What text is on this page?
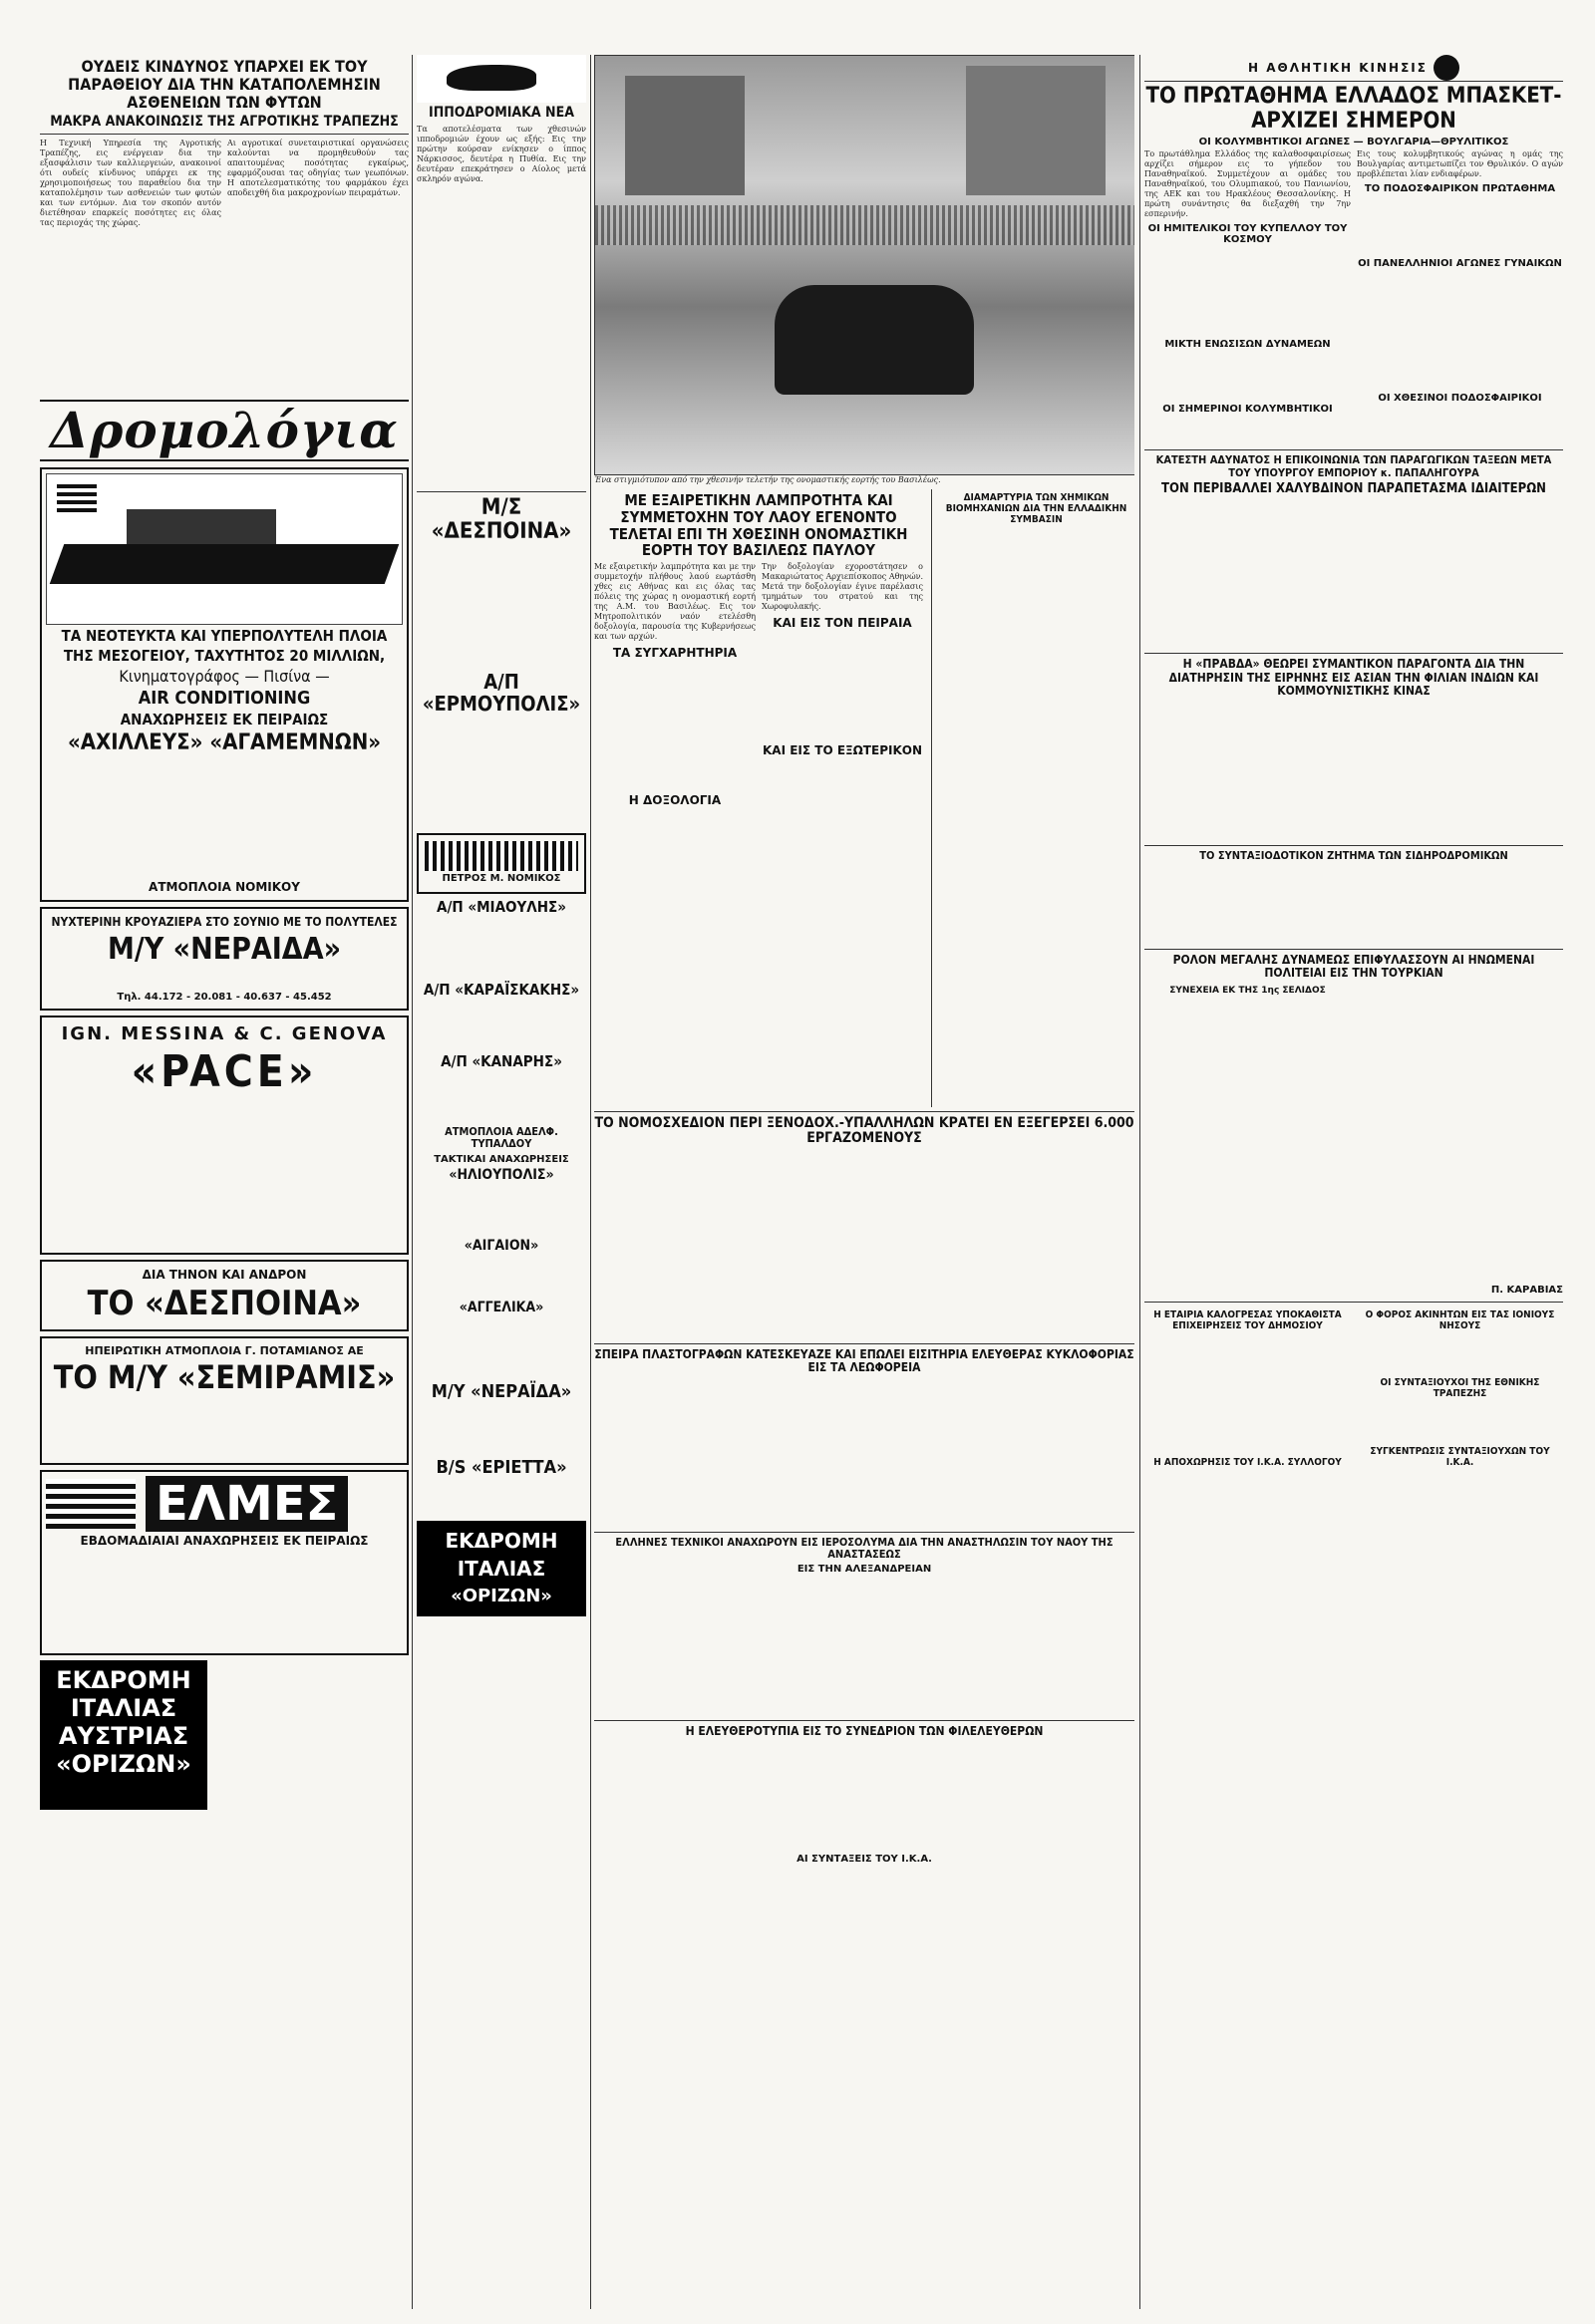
ΟΥΔΕΙΣ ΚΙΝΔΥΝΟΣ ΥΠΑΡΧΕΙ ΕΚ ΤΟΥ ΠΑΡΑΘΕΙΟΥ ΔΙΑ ΤΗΝ ΚΑΤΑΠΟΛΕΜΗΣΙΝ ΑΣΘΕΝΕΙΩΝ ΤΩΝ ΦΥΤΩΝ
ΜΑΚΡΑ ΑΝΑΚΟΙΝΩΣΙΣ ΤΗΣ ΑΓΡΟΤΙΚΗΣ ΤΡΑΠΕΖΗΣ
Η Τεχνική Υπηρεσία της Αγροτικής Τραπέζης, εις ενέργειαν δια την εξασφάλισιν των καλλιεργειών, ανακοινοί ότι ουδείς κίνδυνος υπάρχει εκ της χρησιμοποιήσεως του παραθείου δια την καταπολέμησιν των ασθενειών των φυτών και των εντόμων. Δια τον σκοπόν αυτόν διετέθησαν επαρκείς ποσότητες εις όλας τας περιοχάς της χώρας.
Αι αγροτικαί συνεταιριστικαί οργανώσεις καλούνται να προμηθευθούν τας απαιτουμένας ποσότητας εγκαίρως, εφαρμόζουσαι τας οδηγίας των γεωπόνων. Η αποτελεσματικότης του φαρμάκου έχει αποδειχθή δια μακροχρονίων πειραμάτων.
Δρομολόγια
ΤΑ ΝΕΟΤΕΥΚΤΑ ΚΑΙ ΥΠΕΡΠΟΛΥΤΕΛΗ ΠΛΟΙΑ
ΤΗΣ ΜΕΣΟΓΕΙΟΥ, ΤΑΧΥΤΗΤΟΣ 20 ΜΙΛΛΙΩΝ,
Κινηματογράφος — Πισίνα —
AIR CONDITIONING
ΑΝΑΧΩΡΗΣΕΙΣ ΕΚ ΠΕΙΡΑΙΩΣ
«ΑΧΙΛΛΕΥΣ» «ΑΓΑΜΕΜΝΩΝ»
ΑΤΜΟΠΛΟΙΑ ΝΟΜΙΚΟΥ
ΝΥΧΤΕΡΙΝΗ ΚΡΟΥΑΖΙΕΡΑ ΣΤΟ ΣΟΥΝΙΟ ΜΕ ΤΟ ΠΟΛΥΤΕΛΕΣ
Μ/Υ «ΝΕΡΑΙΔΑ»
Τηλ. 44.172 - 20.081 - 40.637 - 45.452
IGN. MESSINA & C. GENOVA
«PACE»
ΔΙΑ ΤΗΝΟΝ ΚΑΙ ΑΝΔΡΟΝ
ΤΟ «ΔΕΣΠΟΙΝΑ»
ΗΠΕΙΡΩΤΙΚΗ ΑΤΜΟΠΛΟΙΑ Γ. ΠΟΤΑΜΙΑΝΟΣ ΑΕ
ΤΟ Μ/Υ «ΣΕΜΙΡΑΜΙΣ»
ΕΛΜΕΣ
ΕΒΔΟΜΑΔΙΑΙΑΙ ΑΝΑΧΩΡΗΣΕΙΣ ΕΚ ΠΕΙΡΑΙΩΣ
ΕΚΔΡΟΜΗ
ΙΤΑΛΙΑΣ
ΑΥΣΤΡΙΑΣ
«ΟΡΙΖΩΝ»
ΙΠΠΟΔΡΟΜΙΑΚΑ ΝΕΑ
Τα αποτελέσματα των χθεσινών ιπποδρομιών έχουν ως εξής: Εις την πρώτην κούρσαν ενίκησεν ο ίππος Νάρκισσος, δευτέρα η Πυθία. Εις την δευτέραν επεκράτησεν ο Αίολος μετά σκληρόν αγώνα.
Μ/Σ «ΔΕΣΠΟΙΝΑ»
Α/Π «ΕΡΜΟΥΠΟΛΙΣ»
ΠΕΤΡΟΣ Μ. ΝΟΜΙΚΟΣ
Α/Π «ΜΙΑΟΥΛΗΣ»
Α/Π «ΚΑΡΑΪΣΚΑΚΗΣ»
Α/Π «ΚΑΝΑΡΗΣ»
ΑΤΜΟΠΛΟΙΑ ΑΔΕΛΦ. ΤΥΠΑΛΔΟΥ
ΤΑΚΤΙΚΑΙ ΑΝΑΧΩΡΗΣΕΙΣ
«ΗΛΙΟΥΠΟΛΙΣ»
«ΑΙΓΑΙΟΝ»
«ΑΓΓΕΛΙΚΑ»
Μ/Υ «ΝΕΡΑΪΔΑ»
Β/S «ΕΡΙΕΤΤΑ»
ΕΚΔΡΟΜΗ
ΙΤΑΛΙΑΣ
«ΟΡΙΖΩΝ»
Ένα στιγμιότυπον από την χθεσινήν τελετήν της ονομαστικής εορτής του Βασιλέως.
ΜΕ ΕΞΑΙΡΕΤΙΚΗΝ ΛΑΜΠΡΟΤΗΤΑ ΚΑΙ ΣΥΜΜΕΤΟΧΗΝ ΤΟΥ ΛΑΟΥ ΕΓΕΝΟΝΤΟ ΤΕΛΕΤΑΙ ΕΠΙ ΤΗ ΧΘΕΣΙΝΗ ΟΝΟΜΑΣΤΙΚΗ ΕΟΡΤΗ ΤΟΥ ΒΑΣΙΛΕΩΣ ΠΑΥΛΟΥ
Με εξαιρετικήν λαμπρότητα και με την συμμετοχήν πλήθους λαού εωρτάσθη χθες εις Αθήνας και εις όλας τας πόλεις της χώρας η ονομαστική εορτή της Α.Μ. του Βασιλέως. Εις τον Μητροπολιτικόν ναόν ετελέσθη δοξολογία, παρουσία της Κυβερνήσεως και των αρχών.
ΤΑ ΣΥΓΧΑΡΗΤΗΡΙΑ
Η ΔΟΞΟΛΟΓΙΑ
Την δοξολογίαν εχοροστάτησεν ο Μακαριώτατος Αρχιεπίσκοπος Αθηνών. Μετά την δοξολογίαν έγινε παρέλασις τμημάτων του στρατού και της Χωροφυλακής.
ΚΑΙ ΕΙΣ ΤΟΝ ΠΕΙΡΑΙΑ
ΚΑΙ ΕΙΣ ΤΟ ΕΞΩΤΕΡΙΚΟΝ
ΔΙΑΜΑΡΤΥΡΙΑ ΤΩΝ ΧΗΜΙΚΩΝ ΒΙΟΜΗΧΑΝΙΩΝ ΔΙΑ ΤΗΝ ΕΛΛΑΔΙΚΗΝ ΣΥΜΒΑΣΙΝ
ΤΟ ΝΟΜΟΣΧΕΔΙΟΝ ΠΕΡΙ ΞΕΝΟΔΟΧ.-ΥΠΑΛΛΗΛΩΝ ΚΡΑΤΕΙ ΕΝ ΕΞΕΓΕΡΣΕΙ 6.000 ΕΡΓΑΖΟΜΕΝΟΥΣ
ΣΠΕΙΡΑ ΠΛΑΣΤΟΓΡΑΦΩΝ ΚΑΤΕΣΚΕΥΑΖΕ ΚΑΙ ΕΠΩΛΕΙ ΕΙΣΙΤΗΡΙΑ ΕΛΕΥΘΕΡΑΣ ΚΥΚΛΟΦΟΡΙΑΣ ΕΙΣ ΤΑ ΛΕΩΦΟΡΕΙΑ
ΕΛΛΗΝΕΣ ΤΕΧΝΙΚΟΙ ΑΝΑΧΩΡΟΥΝ ΕΙΣ ΙΕΡΟΣΟΛΥΜΑ ΔΙΑ ΤΗΝ ΑΝΑΣΤΗΛΩΣΙΝ ΤΟΥ ΝΑΟΥ ΤΗΣ ΑΝΑΣΤΑΣΕΩΣ
ΕΙΣ ΤΗΝ ΑΛΕΞΑΝΔΡΕΙΑΝ
Η ΕΛΕΥΘΕΡΟΤΥΠΙΑ ΕΙΣ ΤΟ ΣΥΝΕΔΡΙΟΝ ΤΩΝ ΦΙΛΕΛΕΥΘΕΡΩΝ
ΑΙ ΣΥΝΤΑΞΕΙΣ ΤΟΥ Ι.Κ.Α.
Η ΑΘΛΗΤΙΚΗ ΚΙΝΗΣΙΣ
ΤΟ ΠΡΩΤΑΘΗΜΑ ΕΛΛΑΔΟΣ ΜΠΑΣΚΕΤ-ΑΡΧΙΖΕΙ ΣΗΜΕΡΟΝ
ΟΙ ΚΟΛΥΜΒΗΤΙΚΟΙ ΑΓΩΝΕΣ — ΒΟΥΛΓΑΡΙΑ—ΘΡΥΛΙΤΙΚΟΣ
Το πρωτάθλημα Ελλάδος της καλαθοσφαιρίσεως αρχίζει σήμερον εις το γήπεδον του Παναθηναϊκού. Συμμετέχουν αι ομάδες του Παναθηναϊκού, του Ολυμπιακού, του Πανιωνίου, της ΑΕΚ και του Ηρακλέους Θεσσαλονίκης. Η πρώτη συνάντησις θα διεξαχθή την 7ην εσπερινήν.
ΟΙ ΗΜΙΤΕΛΙΚΟΙ ΤΟΥ ΚΥΠΕΛΛΟΥ ΤΟΥ ΚΟΣΜΟΥ
ΜΙΚΤΗ ΕΝΩΣΙΣΩΝ ΔΥΝΑΜΕΩΝ
ΟΙ ΣΗΜΕΡΙΝΟΙ ΚΟΛΥΜΒΗΤΙΚΟΙ
Εις τους κολυμβητικούς αγώνας η ομάς της Βουλγαρίας αντιμετωπίζει τον Θρυλικόν. Ο αγών προβλέπεται λίαν ενδιαφέρων.
ΤΟ ΠΟΔΟΣΦΑΙΡΙΚΟΝ ΠΡΩΤΑΘΗΜΑ
ΟΙ ΠΑΝΕΛΛΗΝΙΟΙ ΑΓΩΝΕΣ ΓΥΝΑΙΚΩΝ
ΟΙ ΧΘΕΣΙΝΟΙ ΠΟΔΟΣΦΑΙΡΙΚΟΙ
ΚΑΤΕΣΤΗ ΑΔΥΝΑΤΟΣ Η ΕΠΙΚΟΙΝΩΝΙΑ ΤΩΝ ΠΑΡΑΓΩΓΙΚΩΝ ΤΑΞΕΩΝ ΜΕΤΑ ΤΟΥ ΥΠΟΥΡΓΟΥ ΕΜΠΟΡΙΟΥ κ. ΠΑΠΑΛΗΓΟΥΡΑ
ΤΟΝ ΠΕΡΙΒΑΛΛΕΙ ΧΑΛΥΒΔΙΝΟΝ ΠΑΡΑΠΕΤΑΣΜΑ ΙΔΙΑΙΤΕΡΩΝ
Η «ΠΡΑΒΔΑ» ΘΕΩΡΕΙ ΣΥΜΑΝΤΙΚΟΝ ΠΑΡΑΓΟΝΤΑ ΔΙΑ ΤΗΝ ΔΙΑΤΗΡΗΣΙΝ ΤΗΣ ΕΙΡΗΝΗΣ ΕΙΣ ΑΣΙΑΝ ΤΗΝ ΦΙΛΙΑΝ ΙΝΔΙΩΝ ΚΑΙ ΚΟΜΜΟΥΝΙΣΤΙΚΗΣ ΚΙΝΑΣ
ΤΟ ΣΥΝΤΑΞΙΟΔΟΤΙΚΟΝ ΖΗΤΗΜΑ ΤΩΝ ΣΙΔΗΡΟΔΡΟΜΙΚΩΝ
ΡΟΛΟΝ ΜΕΓΑΛΗΣ ΔΥΝΑΜΕΩΣ ΕΠΙΦΥΛΑΣΣΟΥΝ ΑΙ ΗΝΩΜΕΝΑΙ ΠΟΛΙΤΕΙΑΙ ΕΙΣ ΤΗΝ ΤΟΥΡΚΙΑΝ
ΣΥΝΕΧΕΙΑ ΕΚ ΤΗΣ 1ης ΣΕΛΙΔΟΣ
Π. ΚΑΡΑΒΙΑΣ
Η ΕΤΑΙΡΙΑ ΚΑΛΟΓΡΕΣΑΣ ΥΠΟΚΑΘΙΣΤΑ ΕΠΙΧΕΙΡΗΣΕΙΣ ΤΟΥ ΔΗΜΟΣΙΟΥ
Η ΑΠΟΧΩΡΗΣΙΣ ΤΟΥ Ι.Κ.Α. ΣΥΛΛΟΓΟΥ
Ο ΦΟΡΟΣ ΑΚΙΝΗΤΩΝ ΕΙΣ ΤΑΣ ΙΟΝΙΟΥΣ ΝΗΣΟΥΣ
ΟΙ ΣΥΝΤΑΞΙΟΥΧΟΙ ΤΗΣ ΕΘΝΙΚΗΣ ΤΡΑΠΕΖΗΣ
ΣΥΓΚΕΝΤΡΩΣΙΣ ΣΥΝΤΑΞΙΟΥΧΩΝ ΤΟΥ Ι.Κ.Α.
